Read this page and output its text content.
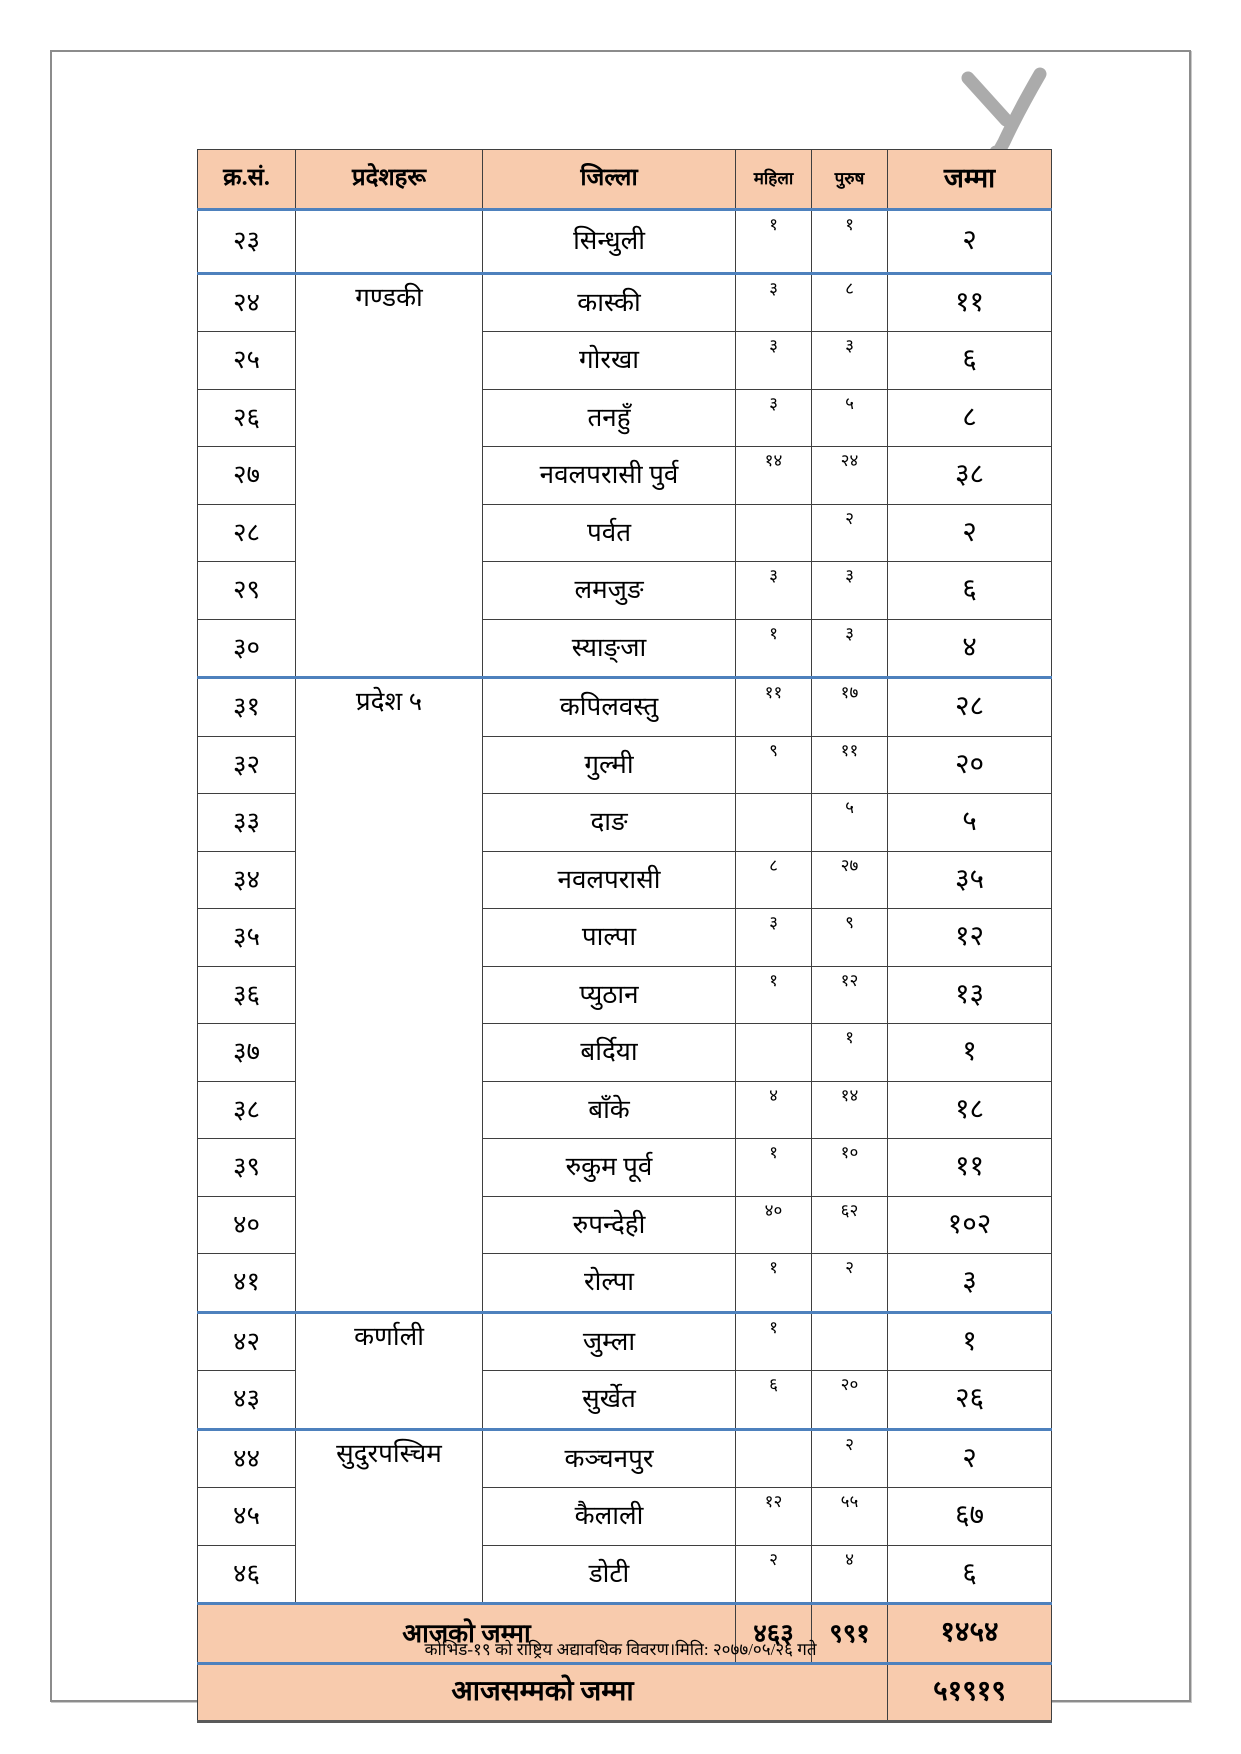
क्र.सं.	प्रदेशहरू	जिल्ला	महिला	पुरुष	जम्मा
२३		सिन्धुली	१	१	२
२४	गण्डकी	कास्की	३	८	११
२५		गोरखा	३	३	६
२६		तनहुँ	३	५	८
२७		नवलपरासी पुर्व	१४	२४	३८
२८		पर्वत		२	२
२९		लमजुङ	३	३	६
३०		स्याङ्जा	१	३	४
३१	प्रदेश ५	कपिलवस्तु	११	१७	२८
३२		गुल्मी	९	११	२०
३३		दाङ		५	५
३४		नवलपरासी	८	२७	३५
३५		पाल्पा	३	९	१२
३६		प्युठान	१	१२	१३
३७		बर्दिया		१	१
३८		बाँके	४	१४	१८
३९		रुकुम पूर्व	१	१०	११
४०		रुपन्देही	४०	६२	१०२
४१		रोल्पा	१	२	३
४२	कर्णाली	जुम्ला	१		१
४३		सुर्खेत	६	२०	२६
४४	सुदुरपस्चिम	कञ्चनपुर		२	२
४५		कैलाली	१२	५५	६७
४६		डोटी	२	४	६
आजको जम्मा			४६३	९९१	१४५४
आजसम्मको जम्मा					५१९१९
कोभिड-१९ को राष्ट्रिय अद्यावधिक विवरण।मिति: २०७७/०५/२६ गते
